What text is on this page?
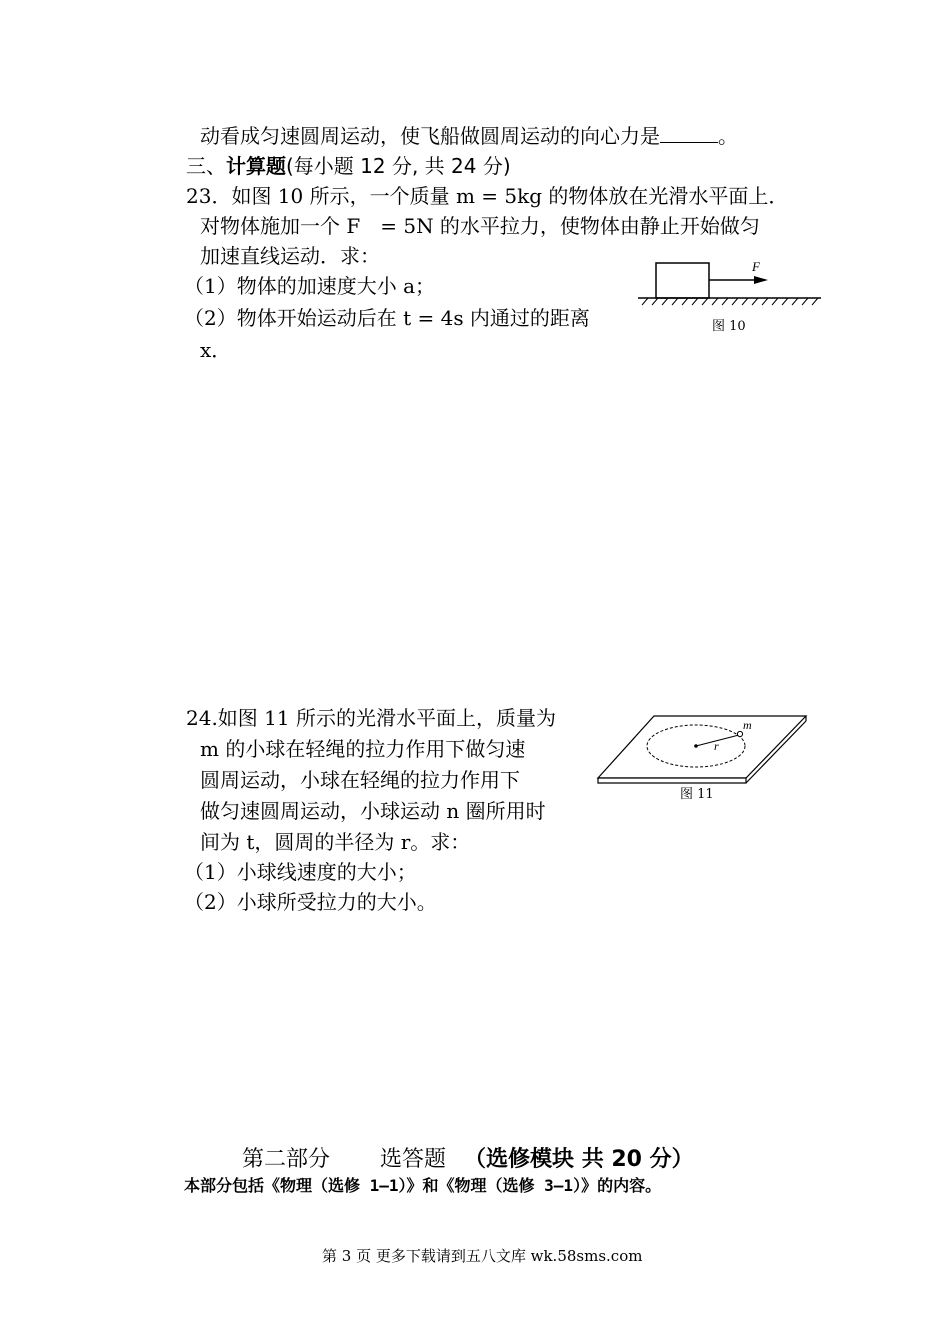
动看成匀速圆周运动，使飞船做圆周运动的向心力是	。
三、计算题(每小题 12 分, 共 24 分)
23．如图 10 所示，一个质量 m = 5kg 的物体放在光滑水平面上．
对物体施加一个 F　= 5N 的水平拉力，使物体由静止开始做匀
加速直线运动．求：
（1）物体的加速度大小 a；
（2）物体开始运动后在 t = 4s 内通过的距离
x．
F
图 10
24.如图 11 所示的光滑水平面上，质量为
m 的小球在轻绳的拉力作用下做匀速
圆周运动，小球在轻绳的拉力作用下
做匀速圆周运动，小球运动 n 圈所用时
间为 t，圆周的半径为 r。求：
（1）小球线速度的大小；
（2）小球所受拉力的大小。
m
r
图 11
第二部分 选答题 （选修模块 共 20 分）
本部分包括《物理（选修 1—1）》和《物理（选修 3—1）》的内容。
第 3 页 更多下载请到五八文库 wk.58sms.com
